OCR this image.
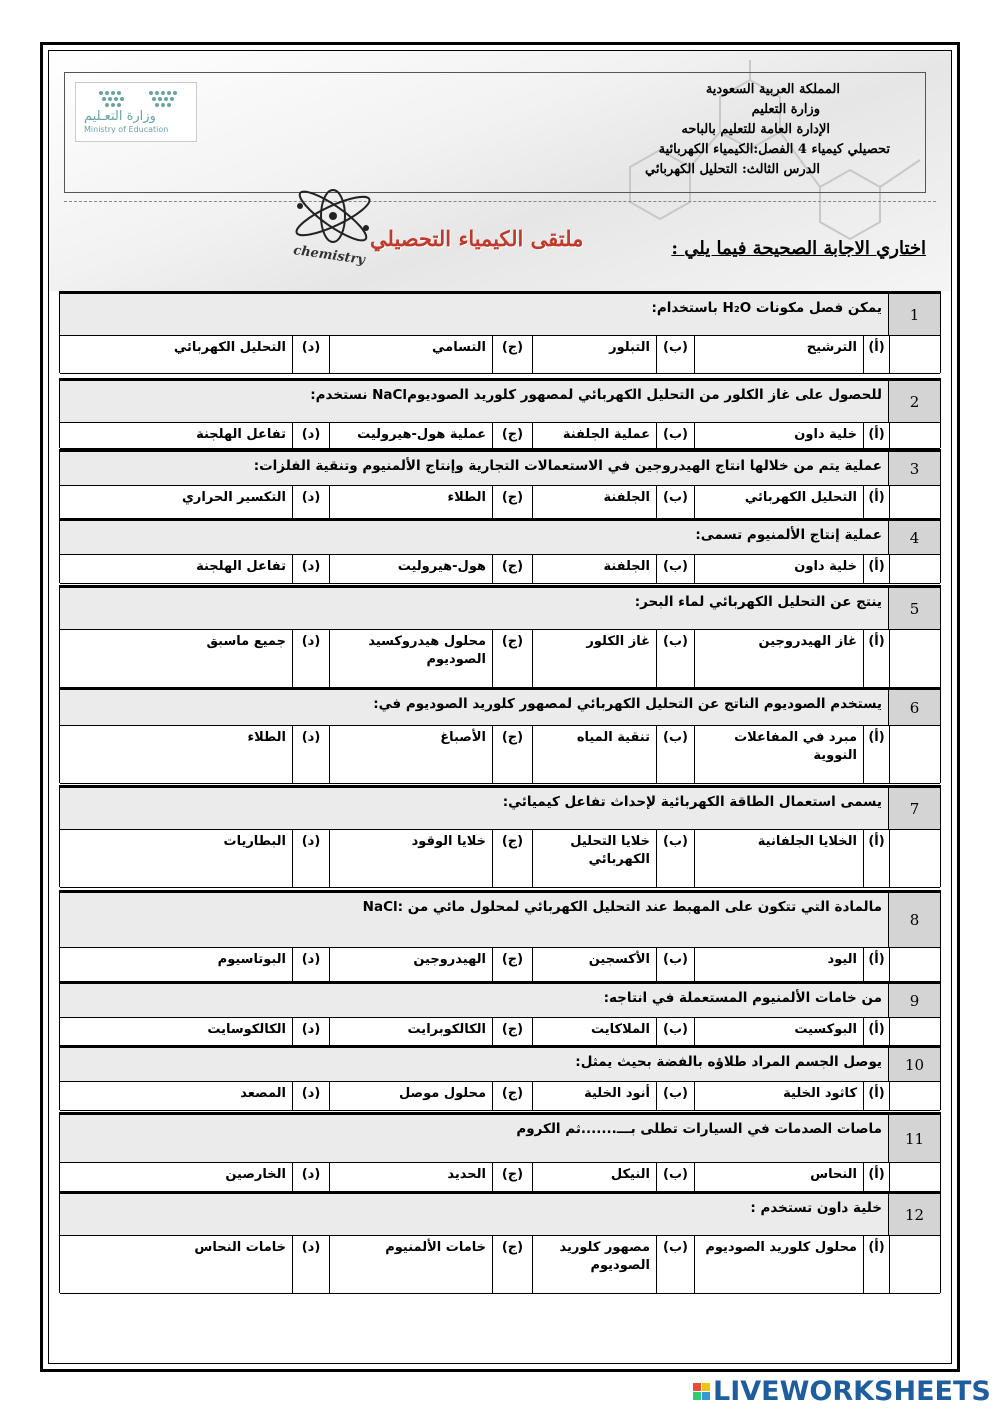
وزارة التعـليم
Ministry of Education
المملكة العربية السعودية
وزارة التعليم
الإدارة العامة للتعليم بالباحه
تحصيلي كيمياء 4 الفصل:الكيمياء الكهربائية
الدرس الثالث: التحليل الكهربائي
ملتقى الكيمياء التحصيلي
chemistry	اختاري الاجابة الصحيحة فيما يلي :
1
يمكن فصل مكونات H₂O باستخدام:
(أ)
الترشيح
(ب)
التبلور
(ج)
التسامي
(د)
التحليل الكهربائي
2
للحصول على غاز الكلور من التحليل الكهربائي لمصهور كلوريد الصوديومNaCl نستخدم:
(أ)
خلية داون
(ب)
عملية الجلفنة
(ج)
عملية هول-هيروليت
(د)
تفاعل الهلجنة
3
عملية يتم من خلالها انتاج الهيدروجين في الاستعمالات التجارية وإنتاج الألمنيوم وتنقية الفلزات:
(أ)
التحليل الكهربائي
(ب)
الجلفنة
(ج)
الطلاء
(د)
التكسير الحراري
4
عملية إنتاج الألمنيوم تسمى:
(أ)
خلية داون
(ب)
الجلفنة
(ج)
هول-هيروليت
(د)
تفاعل الهلجنة
5
ينتج عن التحليل الكهربائي لماء البحر:
(أ)
غاز الهيدروجين
(ب)
غاز الكلور
(ج)
محلول هيدروكسيد الصوديوم
(د)
جميع ماسبق
6
يستخدم الصوديوم الناتج عن التحليل الكهربائي لمصهور كلوريد الصوديوم في:
(أ)
مبرد في المفاعلات النووية
(ب)
تنقية المياه
(ج)
الأصباغ
(د)
الطلاء
7
يسمى استعمال الطاقة الكهربائية لإحداث تفاعل كيميائي:
(أ)
الخلايا الجلفانية
(ب)
خلايا التحليل الكهربائي
(ج)
خلايا الوقود
(د)
البطاريات
8
مالمادة التي تتكون على المهبط عند التحليل الكهربائي لمحلول مائي من :NaCl
(أ)
اليود
(ب)
الأكسجين
(ج)
الهيدروجين
(د)
البوتاسيوم
9
من خامات الألمنيوم المستعملة في انتاجه:
(أ)
البوكسيت
(ب)
الملاكايت
(ج)
الكالكوبرايت
(د)
الكالكوسايت
10
يوصل الجسم المراد طلاؤه بالفضة بحيث يمثل:
(أ)
كاثود الخلية
(ب)
أنود الخلية
(ج)
محلول موصل
(د)
المصعد
11
ماصات الصدمات في السيارات تطلى بـــ.......ثم الكروم
(أ)
النحاس
(ب)
النيكل
(ج)
الحديد
(د)
الخارصين
12
خلية داون تستخدم :
(أ)
محلول كلوريد الصوديوم
(ب)
مصهور كلوريد الصوديوم
(ج)
خامات الألمنيوم
(د)
خامات النحاس
LIVEWORKSHEETS
